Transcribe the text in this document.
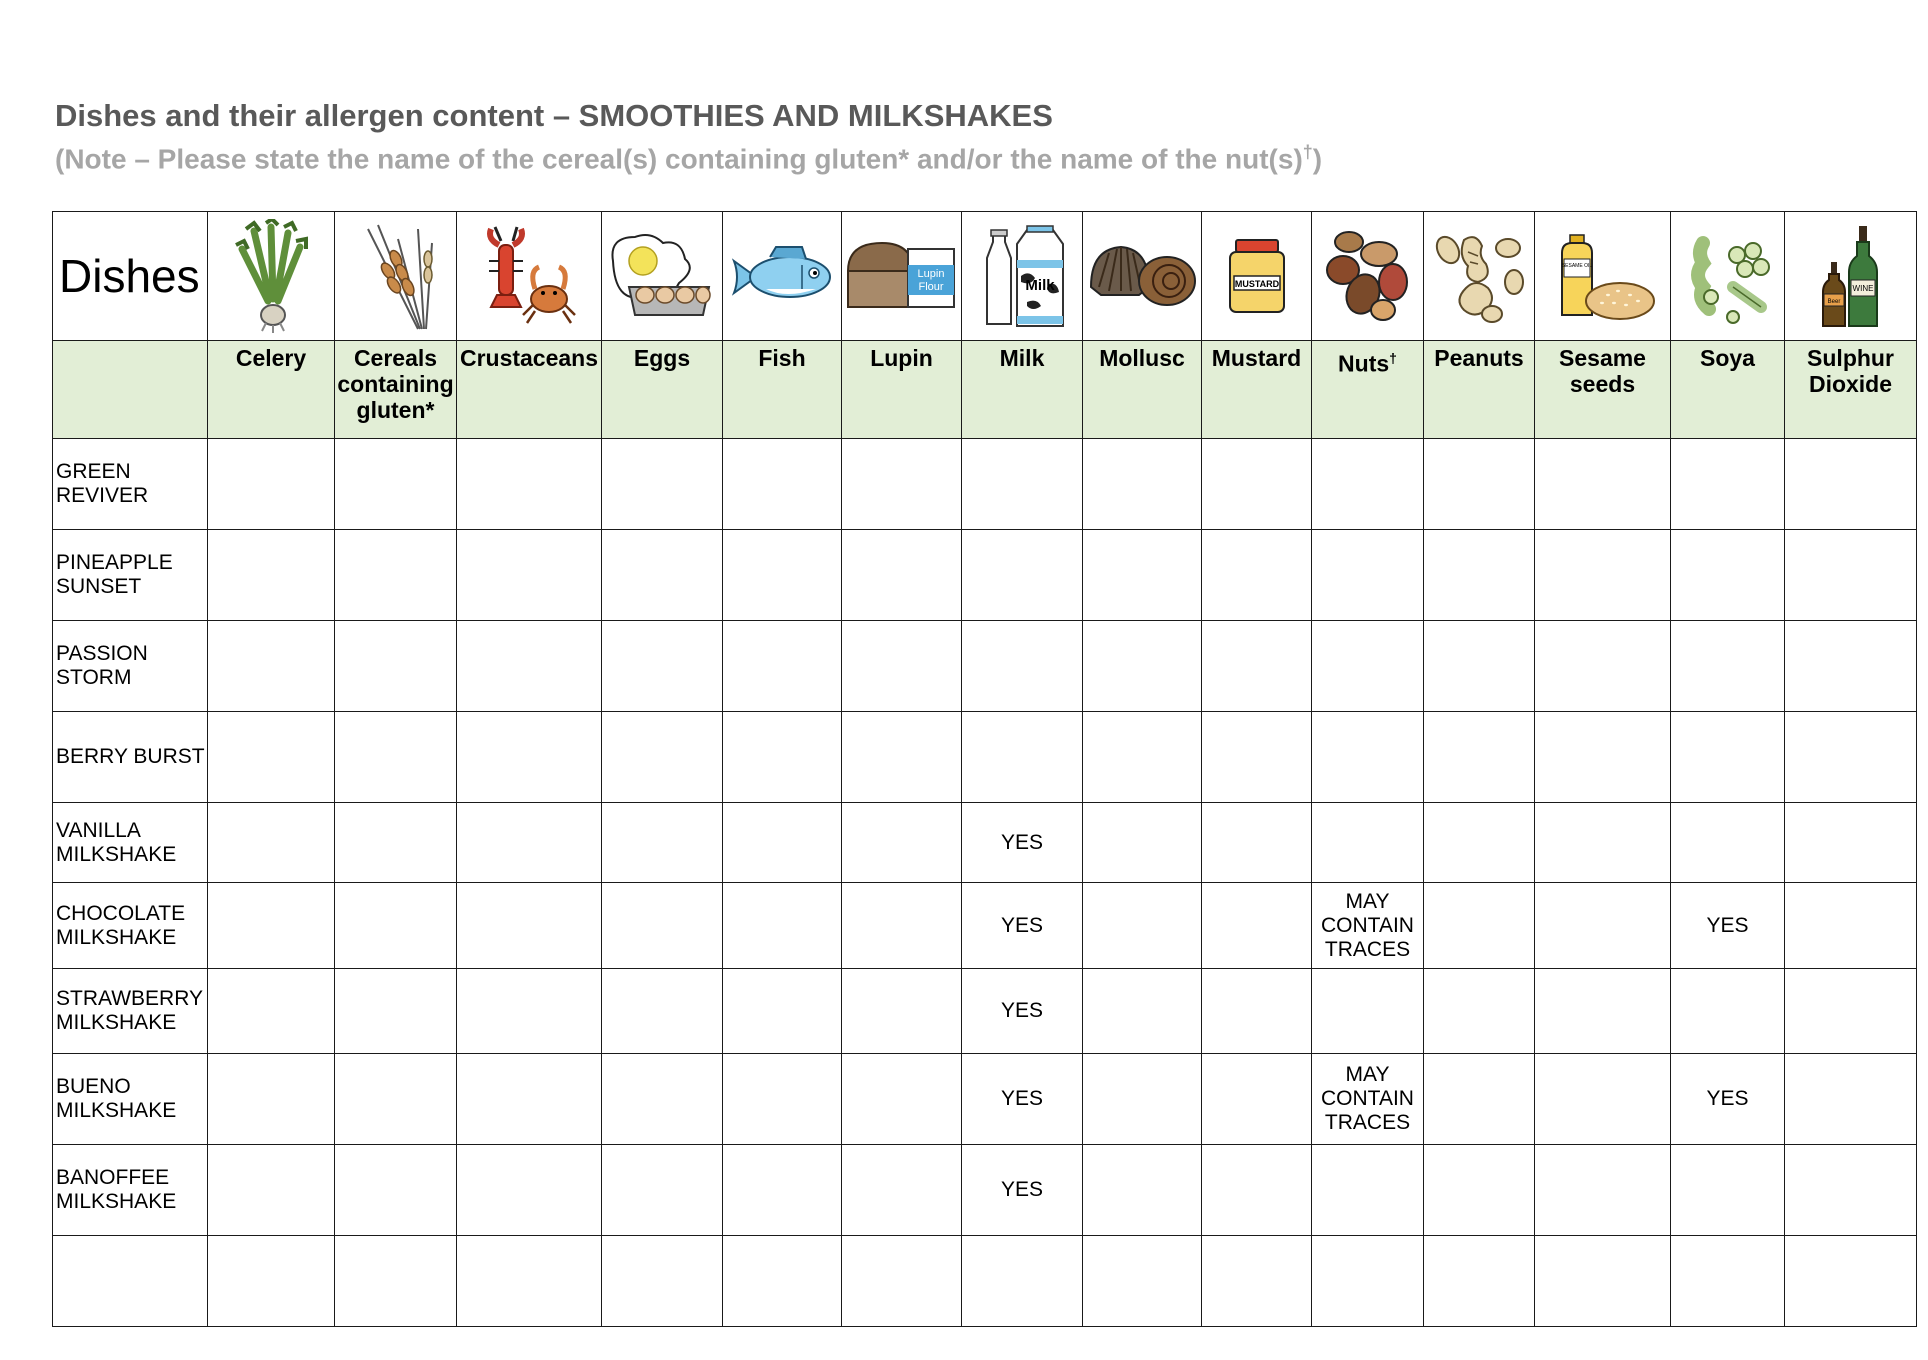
Dishes and their allergen content – SMOOTHIES AND MILKSHAKES
(Note – Please state the name of the cereal(s) containing gluten* and/or the name of the nut(s)†)
Dishes						Lupin
Flour	Milk		MUSTARD			SESAME OIL		WINE
Beer

	Celery	Cereals containing gluten*	Crustaceans	Eggs	Fish	Lupin	Milk	Mollusc	Mustard	Nuts†	Peanuts	Sesame seeds	Soya	Sulphur Dioxide
GREEN REVIVER														
PINEAPPLE SUNSET														
PASSION STORM														
BERRY BURST														
VANILLA MILKSHAKE							YES							
CHOCOLATE MILKSHAKE							YES			MAY CONTAIN TRACES			YES	
STRAWBERRY MILKSHAKE							YES							
BUENO MILKSHAKE							YES			MAY CONTAIN TRACES			YES	
BANOFFEE MILKSHAKE							YES							
